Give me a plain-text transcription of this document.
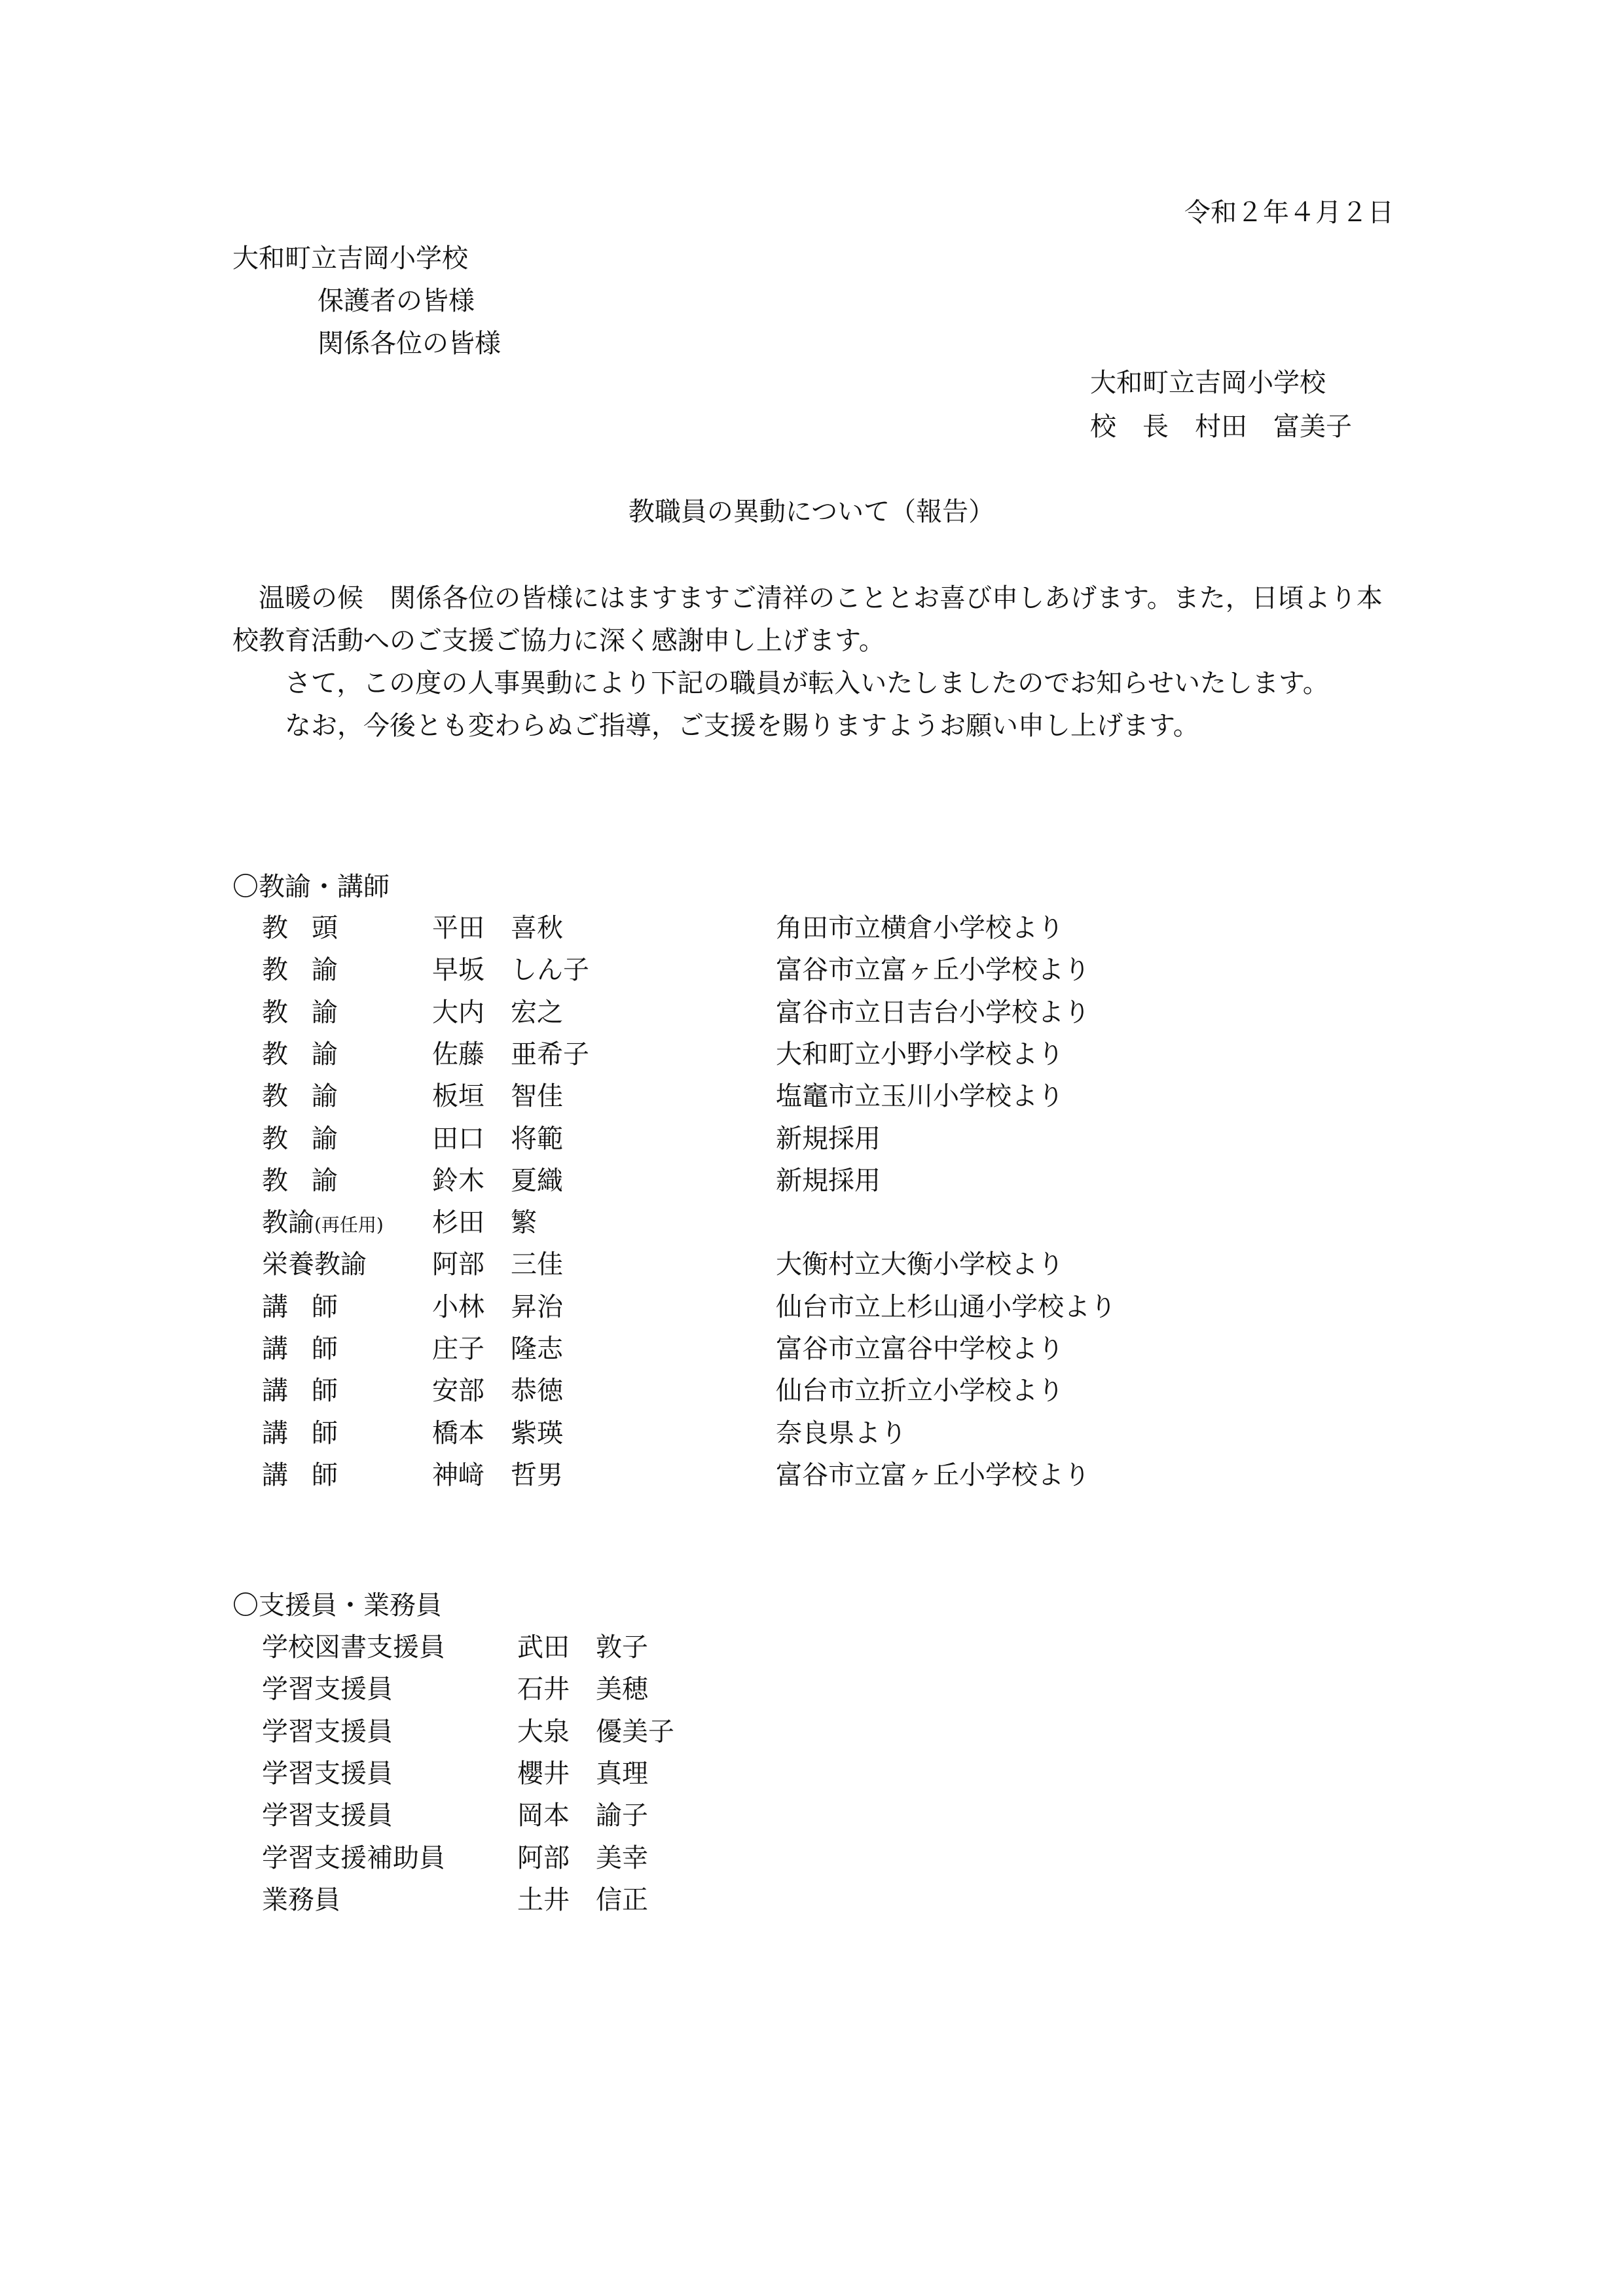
令和２年４月２日
大和町立吉岡小学校
保護者の皆様
関係各位の皆様
大和町立吉岡小学校
校　長　村田　富美子
教職員の異動について（報告）

温暖の候　関係各位の皆様にはますますご清祥のこととお喜び申しあげます。また，日頃より本校教育活動へのご支援ご協力に深く感謝申し上げます。

さて，この度の人事異動により下記の職員が転入いたしましたのでお知らせいたします。

なお，今後とも変わらぬご指導，ご支援を賜りますようお願い申し上げます。

〇教諭・講師
教頭	平田　喜秋	角田市立横倉小学校より
教諭	早坂　しん子	富谷市立富ヶ丘小学校より
教諭	大内　宏之	富谷市立日吉台小学校より
教諭	佐藤　亜希子	大和町立小野小学校より
教諭	板垣　智佳	塩竈市立玉川小学校より
教諭	田口　将範	新規採用
教諭	鈴木　夏織	新規採用
教諭(再任用) 杉田　繁
栄養教諭	阿部　三佳	大衡村立大衡小学校より
講師	小林　昇治	仙台市立上杉山通小学校より
講師	庄子　隆志	富谷市立富谷中学校より
講師	安部　恭徳	仙台市立折立小学校より
講師	橋本　紫瑛	奈良県より
講師	神﨑　哲男	富谷市立富ヶ丘小学校より
〇支援員・業務員
学校図書支援員	武田　敦子
学習支援員	石井　美穂
学習支援員	大泉　優美子
学習支援員	櫻井　真理
学習支援員	岡本　諭子
学習支援補助員	阿部　美幸
業務員	土井　信正
